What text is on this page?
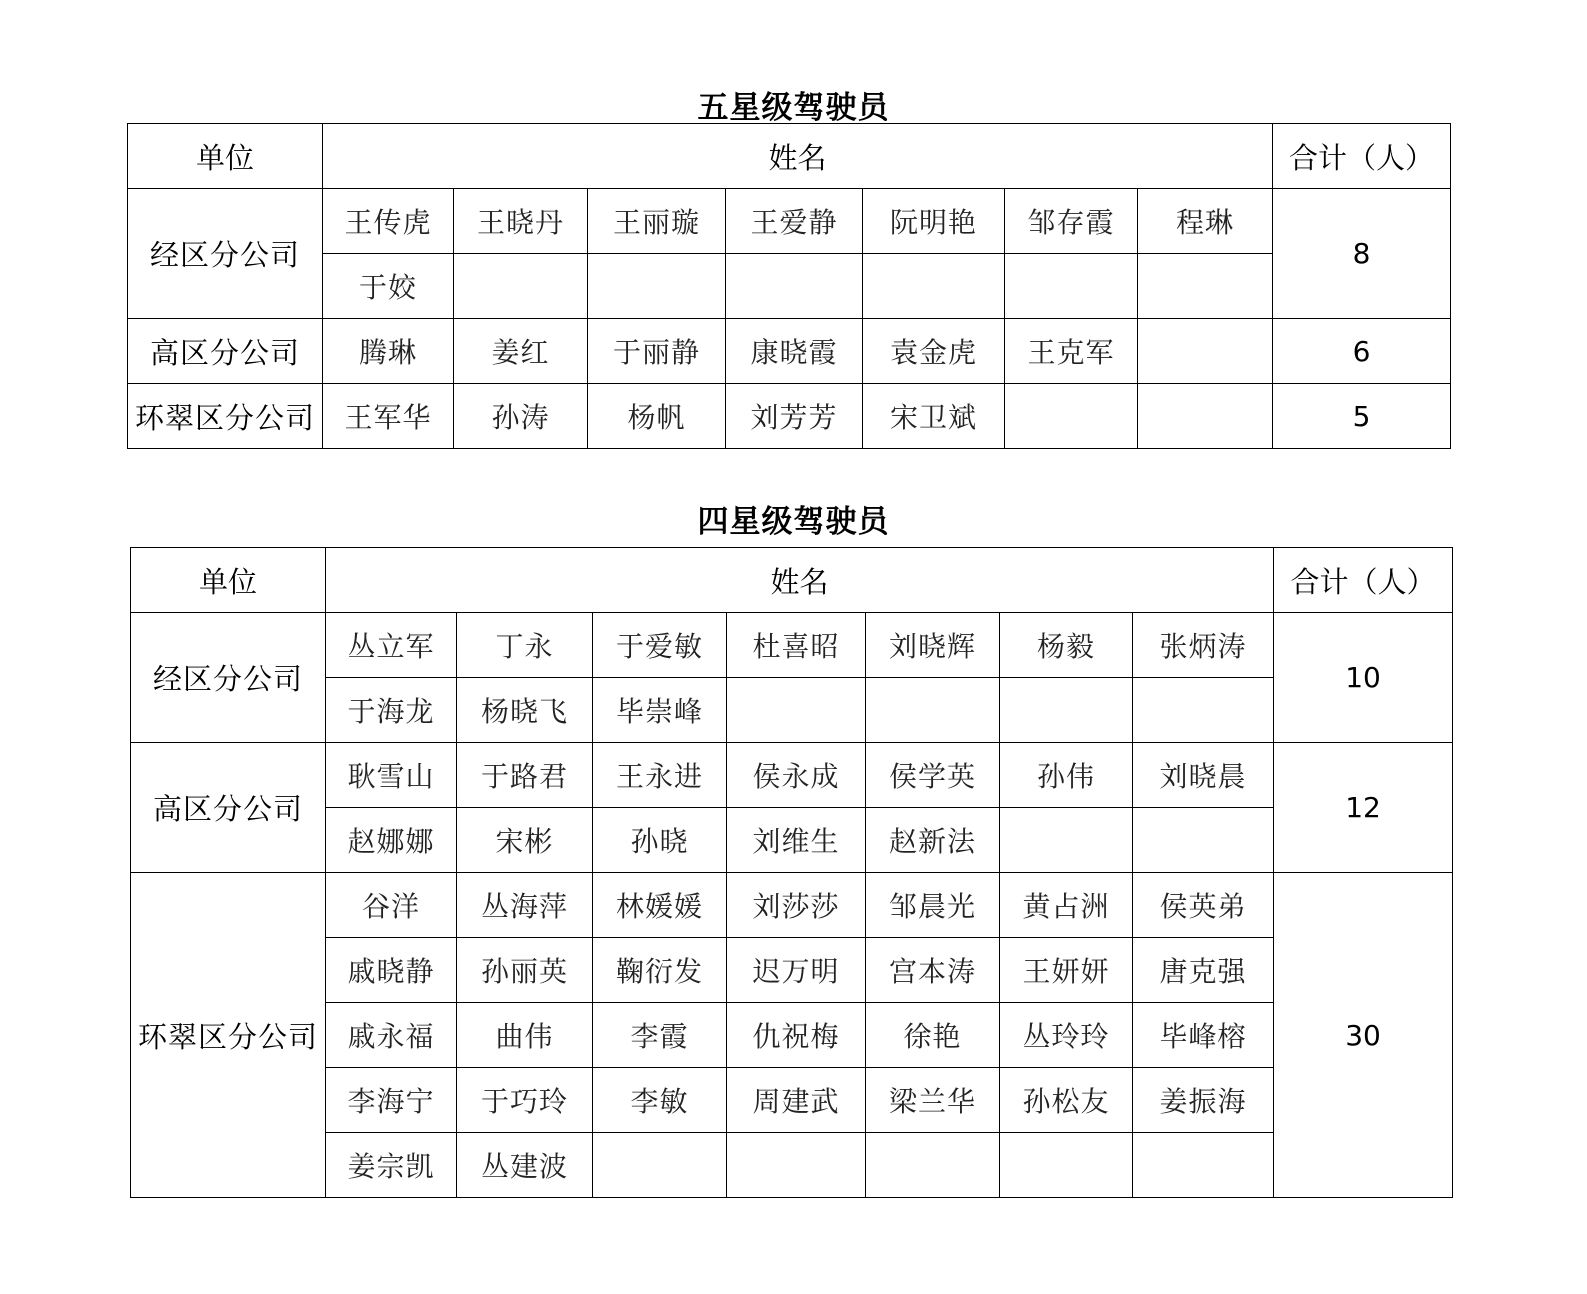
五星级驾驶员
单位	姓名							合计（人）
经区分公司	王传虎	王晓丹	王丽璇	王爱静	阮明艳	邹存霞	程琳	8
	于姣							
高区分公司	腾琳	姜红	于丽静	康晓霞	袁金虎	王克军		6
环翠区分公司	王军华	孙涛	杨帆	刘芳芳	宋卫斌			5
四星级驾驶员
单位	姓名							合计（人）
经区分公司	丛立军	丁永	于爱敏	杜喜昭	刘晓辉	杨毅	张炳涛	10
	于海龙	杨晓飞	毕崇峰					
高区分公司	耿雪山	于路君	王永进	侯永成	侯学英	孙伟	刘晓晨	12
	赵娜娜	宋彬	孙晓	刘维生	赵新法			
环翠区分公司	谷洋	丛海萍	林媛媛	刘莎莎	邹晨光	黄占洲	侯英弟	30
	戚晓静	孙丽英	鞠衍发	迟万明	宫本涛	王妍妍	唐克强	
	戚永福	曲伟	李霞	仇祝梅	徐艳	丛玲玲	毕峰榕	
	李海宁	于巧玲	李敏	周建武	梁兰华	孙松友	姜振海	
	姜宗凯	丛建波						
